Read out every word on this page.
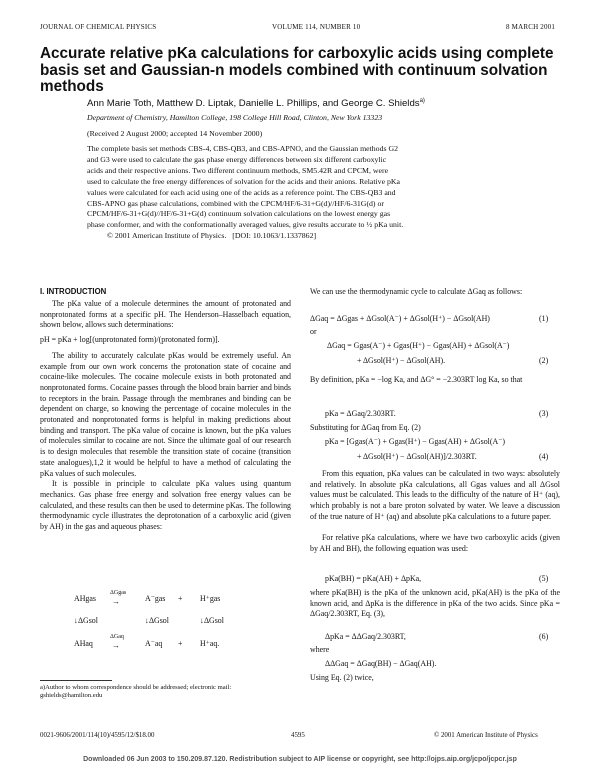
JOURNAL OF CHEMICAL PHYSICS	VOLUME 114, NUMBER 10	8 MARCH 2001
Accurate relative pKa calculations for carboxylic acids using complete basis set and Gaussian-n models combined with continuum solvation methods
Ann Marie Toth, Matthew D. Liptak, Danielle L. Phillips, and George C. Shields$^{a)}$
Department of Chemistry, Hamilton College, 198 College Hill Road, Clinton, New York 13323
(Received 2 August 2000; accepted 14 November 2000)
The complete basis set methods CBS-4, CBS-QB3, and CBS-APNO, and the Gaussian methods G2
and G3 were used to calculate the gas phase energy differences between six different carboxylic
acids and their respective anions. Two different continuum methods, SM5.42R and CPCM, were
used to calculate the free energy differences of solvation for the acids and their anions. Relative pKa
values were calculated for each acid using one of the acids as a reference point. The CBS-QB3 and
CBS-APNO gas phase calculations, combined with the CPCM/HF/6-31+G(d)//HF/6-31G(d) or
CPCM/HF/6-31+G(d)//HF/6-31+G(d) continuum solvation calculations on the lowest energy gas
phase conformer, and with the conformationally averaged values, give results accurate to ½ pKa unit.
© 2001 American Institute of Physics. [DOI: 10.1063/1.1337862]
I. INTRODUCTION

The pKa value of a molecule determines the amount of protonated and nonprotonated forms at a specific pH. The Henderson–Hasselbach equation, shown below, allows such determinations:

pH = pKa + log[(unprotonated form)/(protonated form)].

The ability to accurately calculate pKas would be extremely useful. An example from our own work concerns the protonation state of cocaine and cocaine-like molecules. The cocaine molecule exists in both protonated and nonprotonated forms. Cocaine passes through the blood brain barrier and binds to receptors in the brain. Passage through the membranes and binding can be dependent on charge, so knowing the percentage of cocaine molecules in the protonated and nonprotonated forms is helpful in making predictions about binding and transport. The pKa value of cocaine is known, but the pKa values of molecules similar to cocaine are not. Since the ultimate goal of our research is to design molecules that resemble the transition state of cocaine (transition state analogues),1,2 it would be helpful to have a method of calculating the pKa values of such molecules.

It is possible in principle to calculate pKa values using quantum mechanics. Gas phase free energy and solvation free energy values can be calculated, and these results can then be used to determine pKas. The following thermodynamic cycle illustrates the deprotonation of a carboxylic acid (given by AH) in the gas and aqueous phases:

AHgas
ΔGgas
→	A⁻gas + H⁺gas
↓ΔGsol	↓ΔGsol	↓ΔGsol
AHaq
ΔGaq
→	A⁻aq + H⁺aq.
a)Author to whom correspondence should be addressed; electronic mail: gshields@hamilton.edu
We can use the thermodynamic cycle to calculate ΔGaq as follows:
ΔGaq = ΔGgas + ΔGsol(A⁻) + ΔGsol(H⁺) − ΔGsol(AH)	(1)
or
ΔGaq = Ggas(A⁻) + Ggas(H⁺) − Ggas(AH) + ΔGsol(A⁻)
+ ΔGsol(H⁺) − ΔGsol(AH).	(2)
By definition, pKa = −log Ka, and ΔG° = −2.303RT log Ka, so that
pKa = ΔGaq/2.303RT.	(3)
Substituting for ΔGaq from Eq. (2)
pKa = [Ggas(A⁻) + Ggas(H⁺) − Ggas(AH) + ΔGsol(A⁻)
+ ΔGsol(H⁺) − ΔGsol(AH)]/2.303RT.	(4)
From this equation, pKa values can be calculated in two ways: absolutely and relatively. In absolute pKa calculations, all Ggas values and all ΔGsol values must be calculated. This leads to the difficulty of the nature of H⁺ (aq), which probably is not a bare proton solvated by water. We leave a discussion of the true nature of H⁺ (aq) and absolute pKa calculations to a future paper.
For relative pKa calculations, where we have two carboxylic acids (given by AH and BH), the following equation was used:
pKa(BH) = pKa(AH) + ΔpKa,	(5)
where pKa(BH) is the pKa of the unknown acid, pKa(AH) is the pKa of the known acid, and ΔpKa is the difference in pKa of the two acids. Since pKa = ΔGaq/2.303RT, Eq. (3),
ΔpKa = ΔΔGaq/2.303RT,	(6)
where
ΔΔGaq = ΔGaq(BH) − ΔGaq(AH).
Using Eq. (2) twice,
0021-9606/2001/114(10)/4595/12/$18.00	4595	© 2001 American Institute of Physics
Downloaded 06 Jun 2003 to 150.209.87.120. Redistribution subject to AIP license or copyright, see http://ojps.aip.org/jcpo/jcpcr.jsp
